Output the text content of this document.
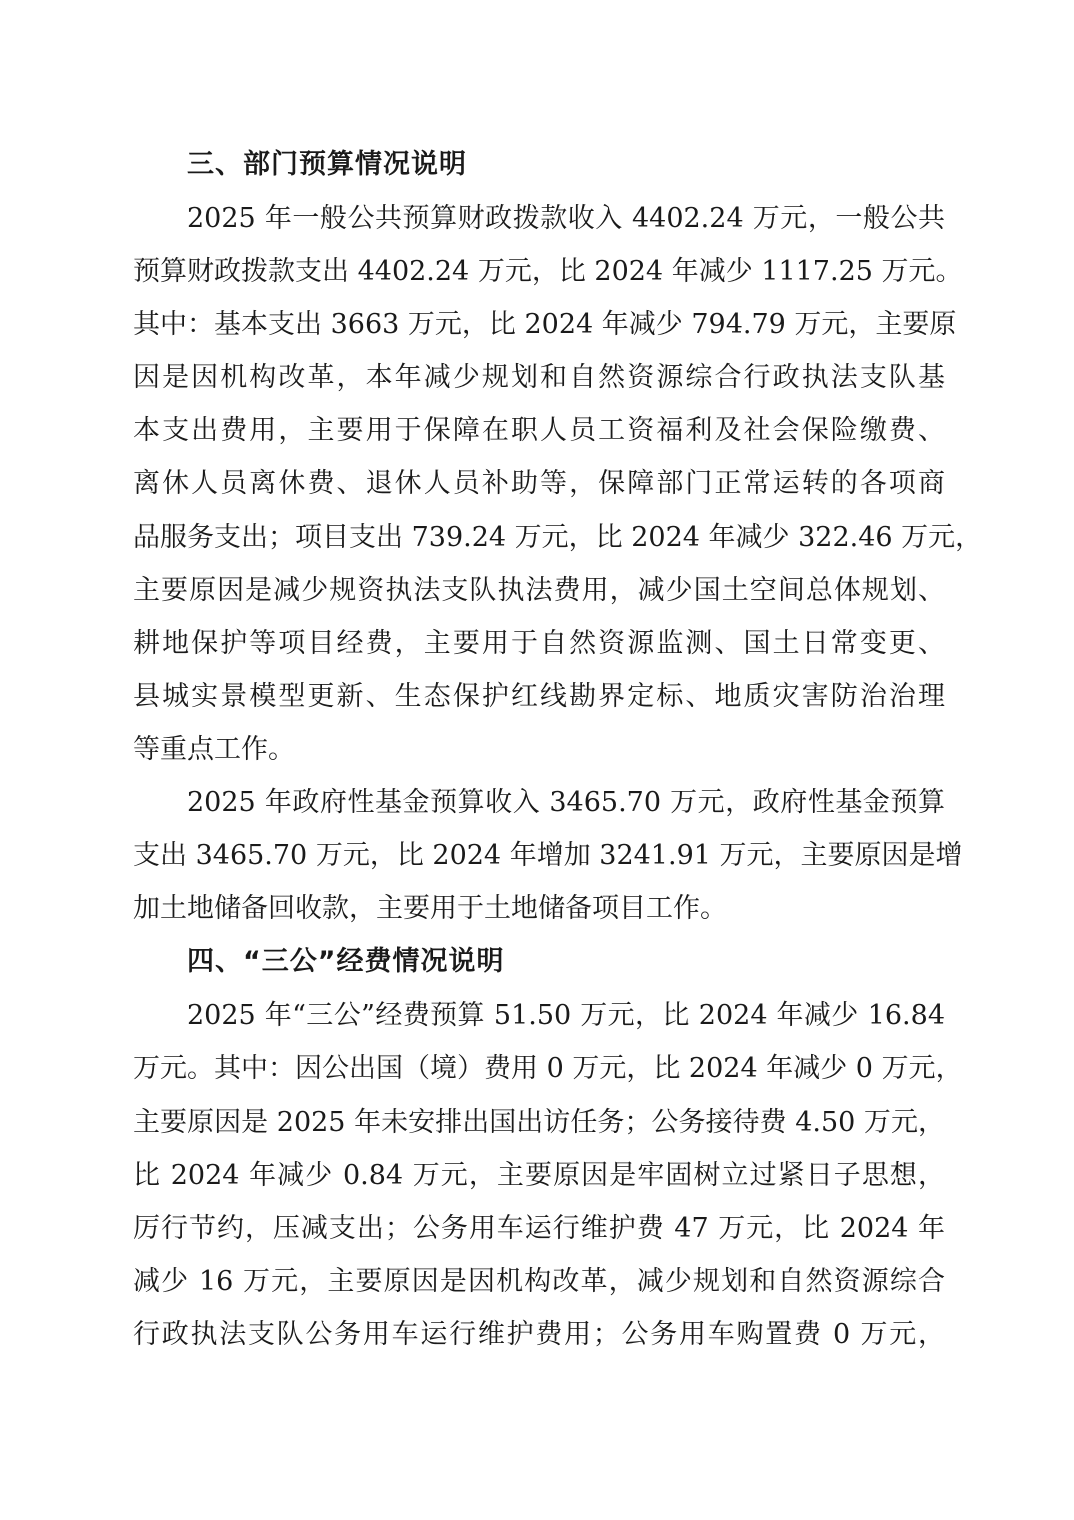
三、部门预算情况说明
2025 年一般公共预算财政拨款收入 4402.24 万元，一般公共
预算财政拨款支出 4402.24 万元，比 2024 年减少 1117.25 万元。
其中：基本支出 3663 万元，比 2024 年减少 794.79 万元，主要原
因是因机构改革，本年减少规划和自然资源综合行政执法支队基
本支出费用，主要用于保障在职人员工资福利及社会保险缴费、
离休人员离休费、退休人员补助等，保障部门正常运转的各项商
品服务支出；项目支出 739.24 万元，比 2024 年减少 322.46 万元，
主要原因是减少规资执法支队执法费用，减少国土空间总体规划、
耕地保护等项目经费，主要用于自然资源监测、国土日常变更、
县城实景模型更新、生态保护红线勘界定标、地质灾害防治治理
等重点工作。
2025 年政府性基金预算收入 3465.70 万元，政府性基金预算
支出 3465.70 万元，比 2024 年增加 3241.91 万元，主要原因是增
加土地储备回收款，主要用于土地储备项目工作。
四、“三公”经费情况说明
2025 年“三公”经费预算 51.50 万元，比 2024 年减少 16.84
万元。其中：因公出国（境）费用 0 万元，比 2024 年减少 0 万元，
主要原因是 2025 年未安排出国出访任务；公务接待费 4.50 万元，
比 2024 年减少 0.84 万元，主要原因是牢固树立过紧日子思想，
厉行节约，压减支出；公务用车运行维护费 47 万元，比 2024 年
减少 16 万元，主要原因是因机构改革，减少规划和自然资源综合
行政执法支队公务用车运行维护费用；公务用车购置费 0 万元，
